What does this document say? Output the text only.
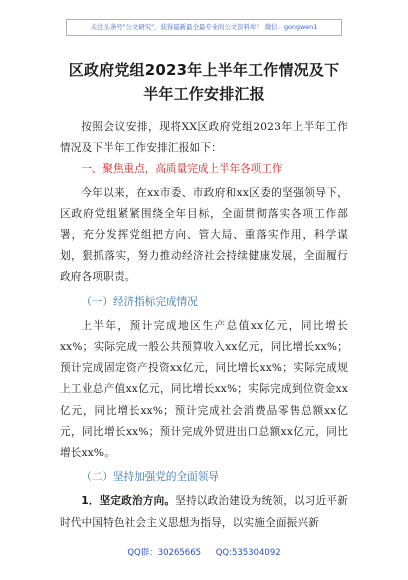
关注头条号"公文研究"，获得最新最全最专业的公文资料库！ 微信：gongwen1
区政府党组2023年上半年工作情况及下
半年工作安排汇报

按照会议安排，现将XX区政府党组2023年上半年工作情况及下半年工作安排汇报如下：

一、聚焦重点，高质量完成上半年各项工作

今年以来，在xx市委、市政府和xx区委的坚强领导下，区政府党组紧紧围绕全年目标，全面贯彻落实各项工作部署，充分发挥党组把方向、管大局、重落实作用，科学谋划，狠抓落实，努力推动经济社会持续健康发展，全面履行政府各项职责。

（一）经济指标完成情况

上半年，预计完成地区生产总值xx亿元，同比增长xx%；实际完成一般公共预算收入xx亿元，同比增长xx%；预计完成固定资产投资xx亿元，同比增长xx%；实际完成规上工业总产值xx亿元，同比增长xx%；实际完成到位资金xx亿元，同比增长xx%；预计完成社会消费品零售总额xx亿元，同比增长xx%；预计完成外贸进出口总额xx亿元，同比增长xx%。

（二）坚持加强党的全面领导

1．坚定政治方向。坚持以政治建设为统领，以习近平新时代中国特色社会主义思想为指导，以实施全面振兴新

QQ群：30265665 QQ:535304092
